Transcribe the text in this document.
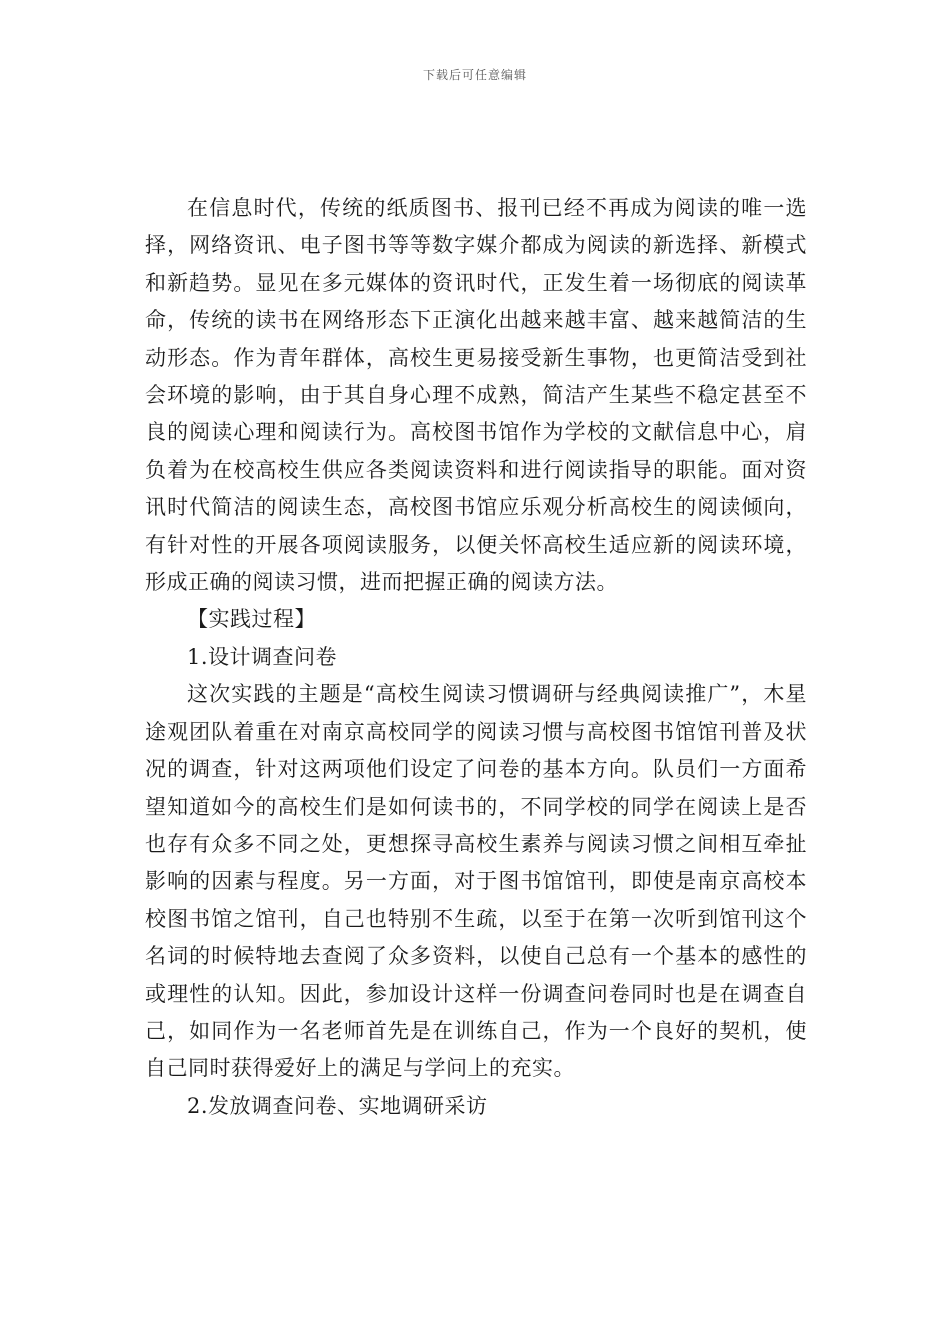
下载后可任意编辑

在信息时代，传统的纸质图书、报刊已经不再成为阅读的唯一选择，网络资讯、电子图书等等数字媒介都成为阅读的新选择、新模式和新趋势。显见在多元媒体的资讯时代，正发生着一场彻底的阅读革命，传统的读书在网络形态下正演化出越来越丰富、越来越简洁的生动形态。作为青年群体，高校生更易接受新生事物，也更简洁受到社会环境的影响，由于其自身心理不成熟，简洁产生某些不稳定甚至不良的阅读心理和阅读行为。高校图书馆作为学校的文献信息中心，肩负着为在校高校生供应各类阅读资料和进行阅读指导的职能。面对资讯时代简洁的阅读生态，高校图书馆应乐观分析高校生的阅读倾向，有针对性的开展各项阅读服务，以便关怀高校生适应新的阅读环境，形成正确的阅读习惯，进而把握正确的阅读方法。

【实践过程】

1.设计调查问卷

这次实践的主题是“高校生阅读习惯调研与经典阅读推广”，木星途观团队着重在对南京高校同学的阅读习惯与高校图书馆馆刊普及状况的调查，针对这两项他们设定了问卷的基本方向。队员们一方面希望知道如今的高校生们是如何读书的，不同学校的同学在阅读上是否也存有众多不同之处，更想探寻高校生素养与阅读习惯之间相互牵扯影响的因素与程度。另一方面，对于图书馆馆刊，即使是南京高校本校图书馆之馆刊，自己也特别不生疏，以至于在第一次听到馆刊这个名词的时候特地去查阅了众多资料，以使自己总有一个基本的感性的或理性的认知。因此，参加设计这样一份调查问卷同时也是在调查自己，如同作为一名老师首先是在训练自己，作为一个良好的契机，使自己同时获得爱好上的满足与学问上的充实。

2.发放调查问卷、实地调研采访
